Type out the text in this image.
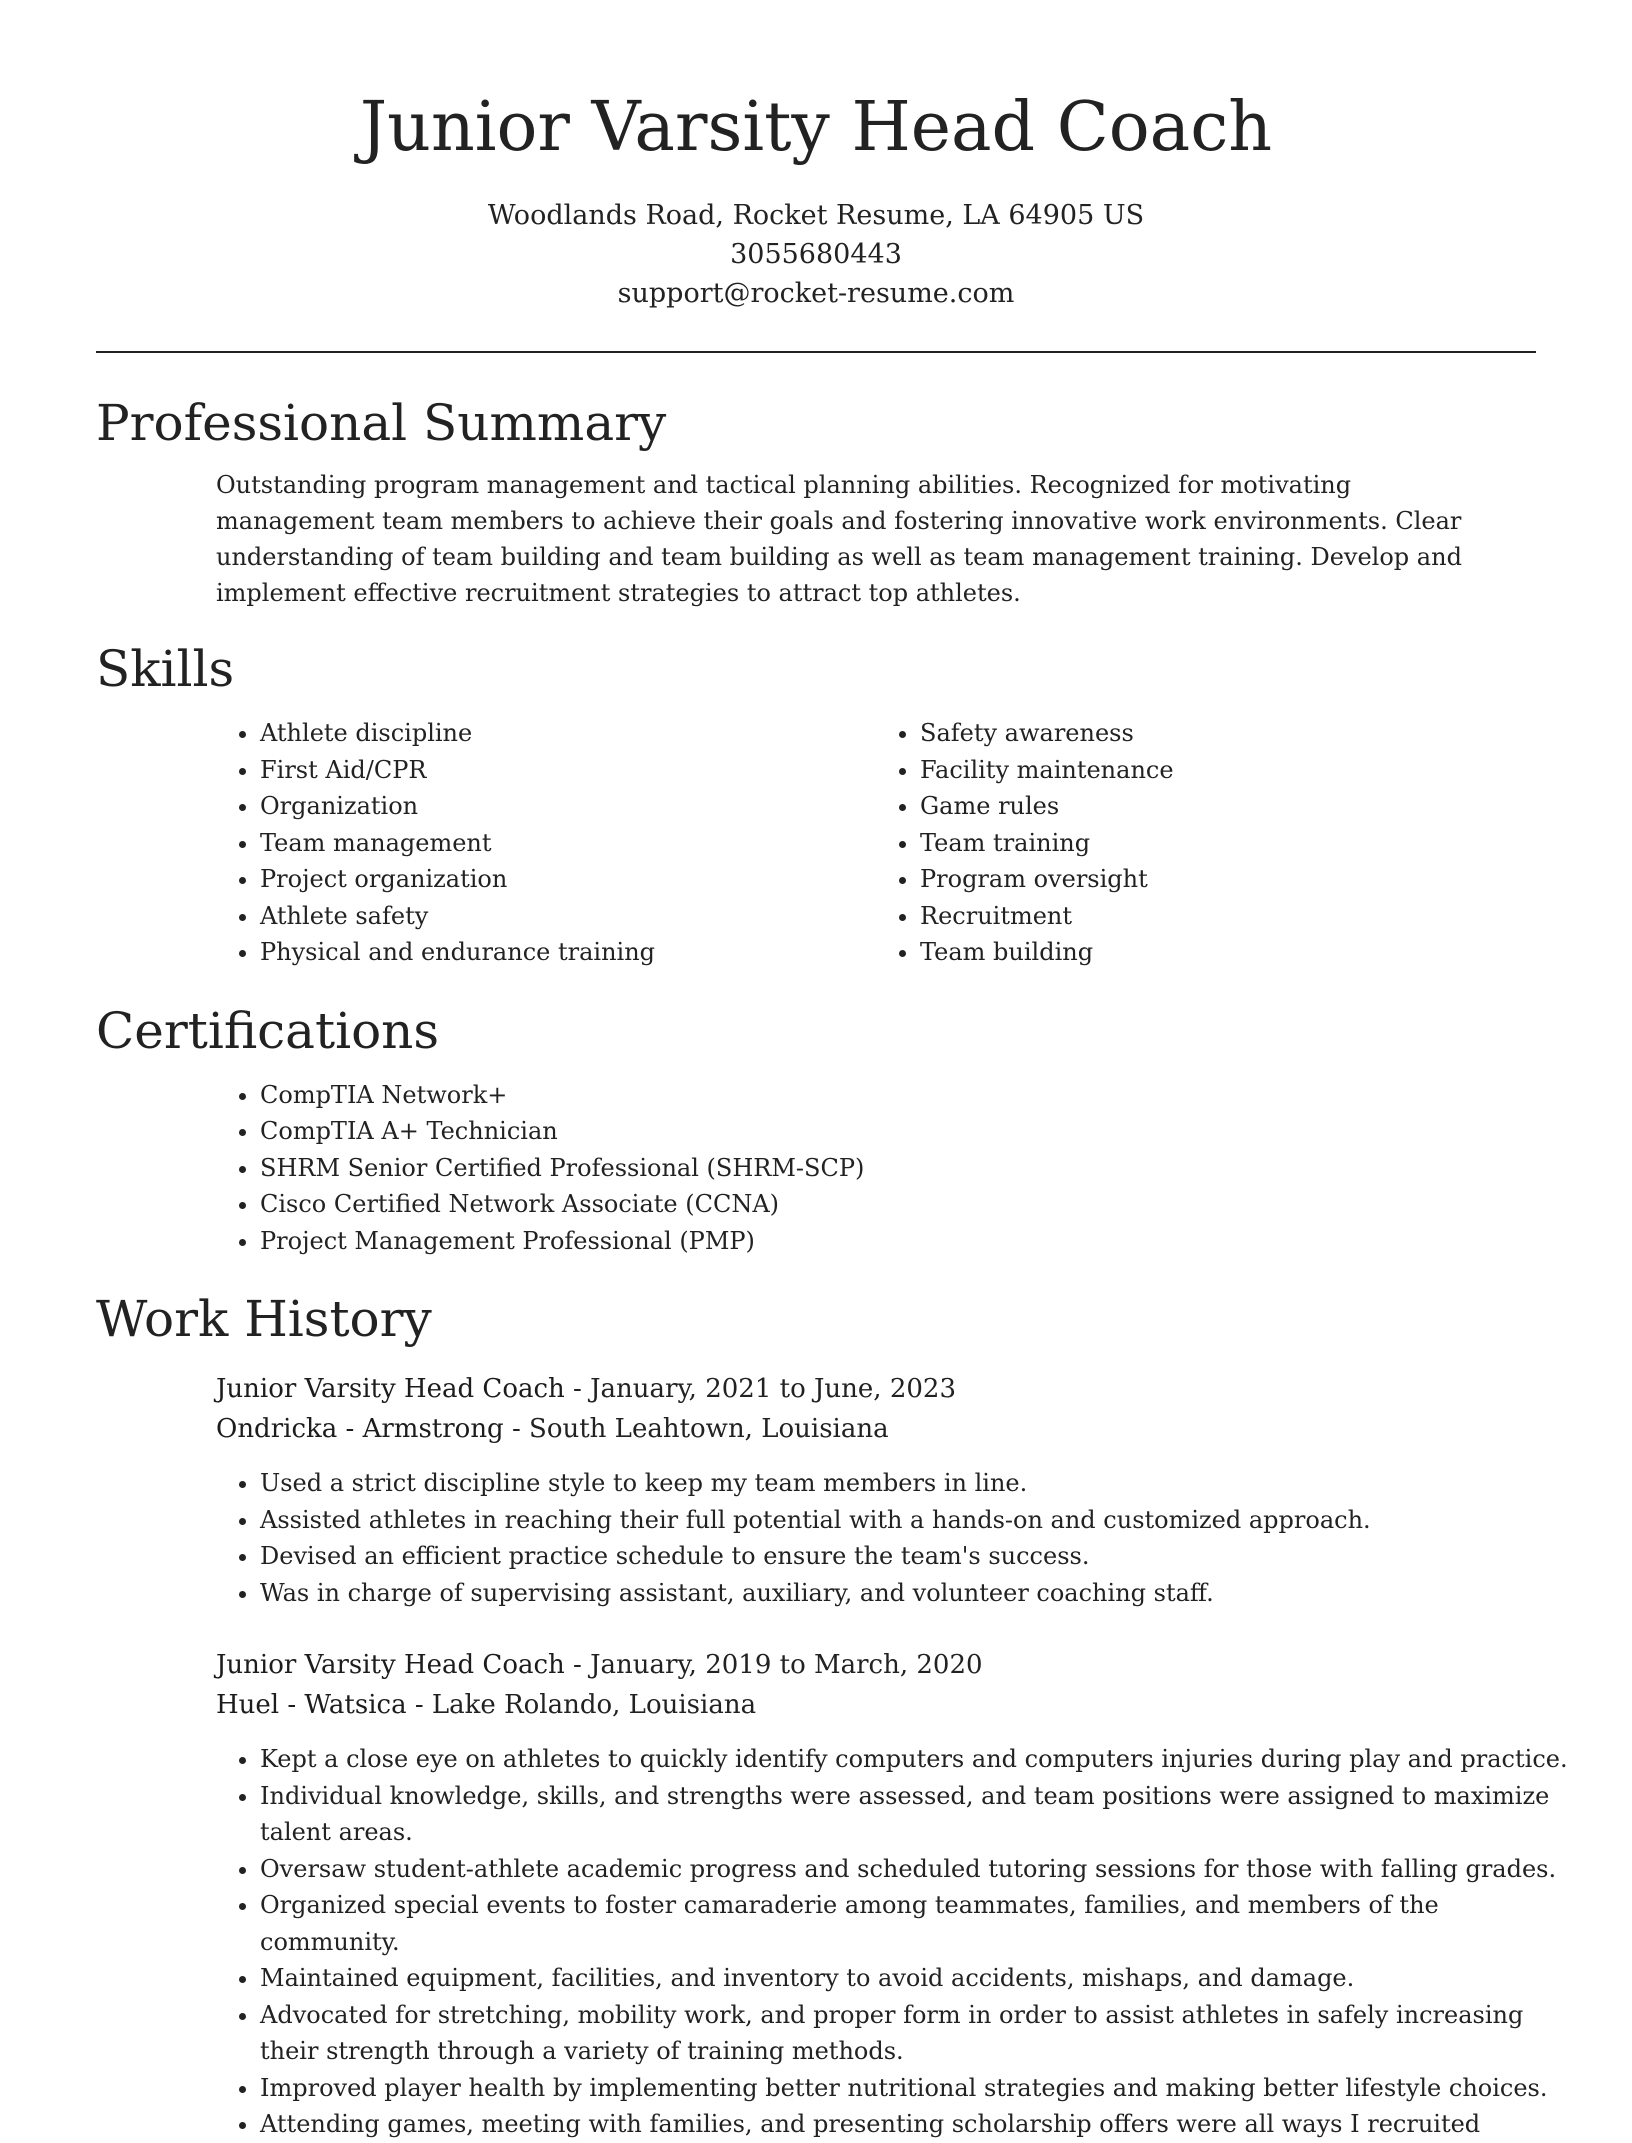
Junior Varsity Head Coach
Woodlands Road, Rocket Resume, LA 64905 US
3055680443
support@rocket-resume.com
Professional Summary
Outstanding program management and tactical planning abilities. Recognized for motivating management team members to achieve their goals and fostering innovative work environments. Clear understanding of team building and team building as well as team management training. Develop and implement effective recruitment strategies to attract top athletes.
Skills
• Athlete discipline
• First Aid/CPR
• Organization
• Team management
• Project organization
• Athlete safety
• Physical and endurance training
• Safety awareness
• Facility maintenance
• Game rules
• Team training
• Program oversight
• Recruitment
• Team building
Certifications
• CompTIA Network+
• CompTIA A+ Technician
• SHRM Senior Certified Professional (SHRM-SCP)
• Cisco Certified Network Associate (CCNA)
• Project Management Professional (PMP)
Work History
Junior Varsity Head Coach - January, 2021 to June, 2023
Ondricka - Armstrong - South Leahtown, Louisiana
• Used a strict discipline style to keep my team members in line.
• Assisted athletes in reaching their full potential with a hands-on and customized approach.
• Devised an efficient practice schedule to ensure the team's success.
• Was in charge of supervising assistant, auxiliary, and volunteer coaching staff.
Junior Varsity Head Coach - January, 2019 to March, 2020
Huel - Watsica - Lake Rolando, Louisiana
• Kept a close eye on athletes to quickly identify computers and computers injuries during play and practice.
• Individual knowledge, skills, and strengths were assessed, and team positions were assigned to maximize talent areas.
• Oversaw student-athlete academic progress and scheduled tutoring sessions for those with falling grades.
• Organized special events to foster camaraderie among teammates, families, and members of the community.
• Maintained equipment, facilities, and inventory to avoid accidents, mishaps, and damage.
• Advocated for stretching, mobility work, and proper form in order to assist athletes in safely increasing their strength through a variety of training methods.
• Improved player health by implementing better nutritional strategies and making better lifestyle choices.
• Attending games, meeting with families, and presenting scholarship offers were all ways I recruited
